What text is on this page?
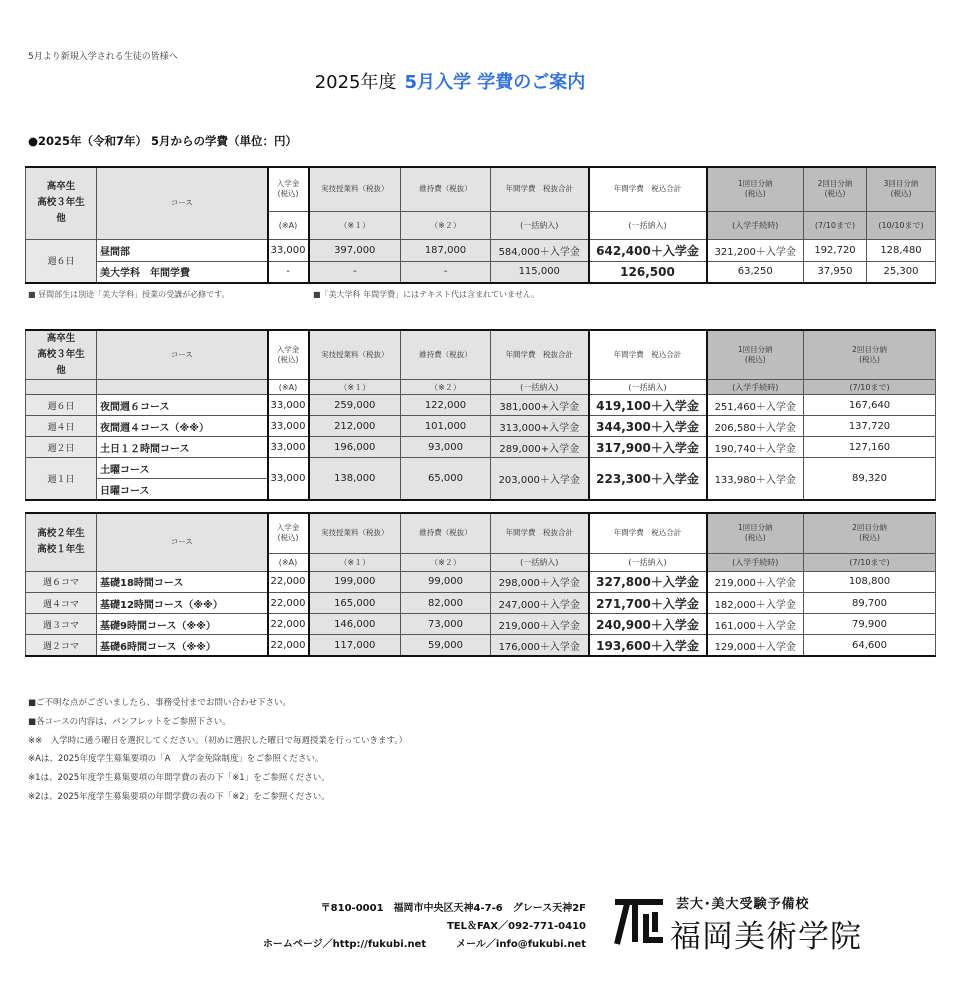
5月より新規入学される生徒の皆様へ
2025年度 5月入学 学費のご案内
●2025年（令和7年） 5月からの学費（単位：円）
高卒生
高校３年生
他	コース	入学金
(税込)	実技授業料（税抜）	維持費（税抜）	年間学費　税抜合計	年間学費　税込合計	1回目分納
(税込)	2回目分納
(税込)	3回目分納
(税込)
		(※A)	（※１）	（※２）	(一括納入)	(一括納入)	(入学手続時)	(7/10まで)	(10/10まで)
週６日	昼間部	33,000	397,000	187,000	584,000＋入学金	642,400＋入学金	321,200＋入学金	192,720	128,480
	美大学科　年間学費	-	-	-	115,000	126,500	63,250	37,950	25,300
■ 昼間部生は別途「美大学科」授業の受講が必修です。	■「美大学科 年間学費」にはテキスト代は含まれていません。
高卒生
高校３年生
他	コース	入学金
(税込)	実技授業料（税抜）	維持費（税抜）	年間学費　税抜合計	年間学費　税込合計	1回目分納
(税込)	2回目分納
(税込)

		(※A)	（※１）	（※２）	(一括納入)	(一括納入)	(入学手続時)	(7/10まで)
週６日	夜間週６コース	33,000	259,000	122,000	381,000+入学金	419,100＋入学金	251,460＋入学金	167,640
週４日	夜間週４コース（※※）	33,000	212,000	101,000	313,000+入学金	344,300＋入学金	206,580＋入学金	137,720
週２日	土日１２時間コース	33,000	196,000	93,000	289,000+入学金	317,900＋入学金	190,740＋入学金	127,160
週１日	土曜コース	33,000	138,000	65,000	203,000＋入学金	223,300＋入学金	133,980＋入学金	89,320
	日曜コース							
高校２年生
高校１年生	コース	入学金
(税込)	実技授業料（税抜）	維持費（税抜）	年間学費　税抜合計	年間学費　税込合計	1回目分納
(税込)	2回目分納
(税込)
		(※A)	（※１）	（※２）	(一括納入)	(一括納入)	(入学手続時)	(7/10まで)
週６コマ	基礎18時間コース	22,000	199,000	99,000	298,000＋入学金	327,800＋入学金	219,000＋入学金	108,800
週４コマ	基礎12時間コース（※※）	22,000	165,000	82,000	247,000＋入学金	271,700＋入学金	182,000＋入学金	89,700
週３コマ	基礎9時間コース（※※）	22,000	146,000	73,000	219,000＋入学金	240,900＋入学金	161,000＋入学金	79,900
週２コマ	基礎6時間コース（※※）	22,000	117,000	59,000	176,000＋入学金	193,600＋入学金	129,000＋入学金	64,600
■ご不明な点がございましたら、事務受付までお問い合わせ下さい。
■各コースの内容は、パンフレットをご参照下さい。
※※　入学時に通う曜日を選択してください。（初めに選択した曜日で毎週授業を行っていきます。）
※Aは、2025年度学生募集要項の「A　入学金免除制度」をご参照ください。
※1は、2025年度学生募集要項の年間学費の表の下「※1」をご参照ください。
※2は、2025年度学生募集要項の年間学費の表の下「※2」をご参照ください。
〒810-0001　福岡市中央区天神4-7-6　グレース天神2F
TEL＆FAX／092-771-0410
ホームページ／http://fukubi.net　　　メール／info@fukubi.net
芸大･美大受験予備校
福岡美術学院
